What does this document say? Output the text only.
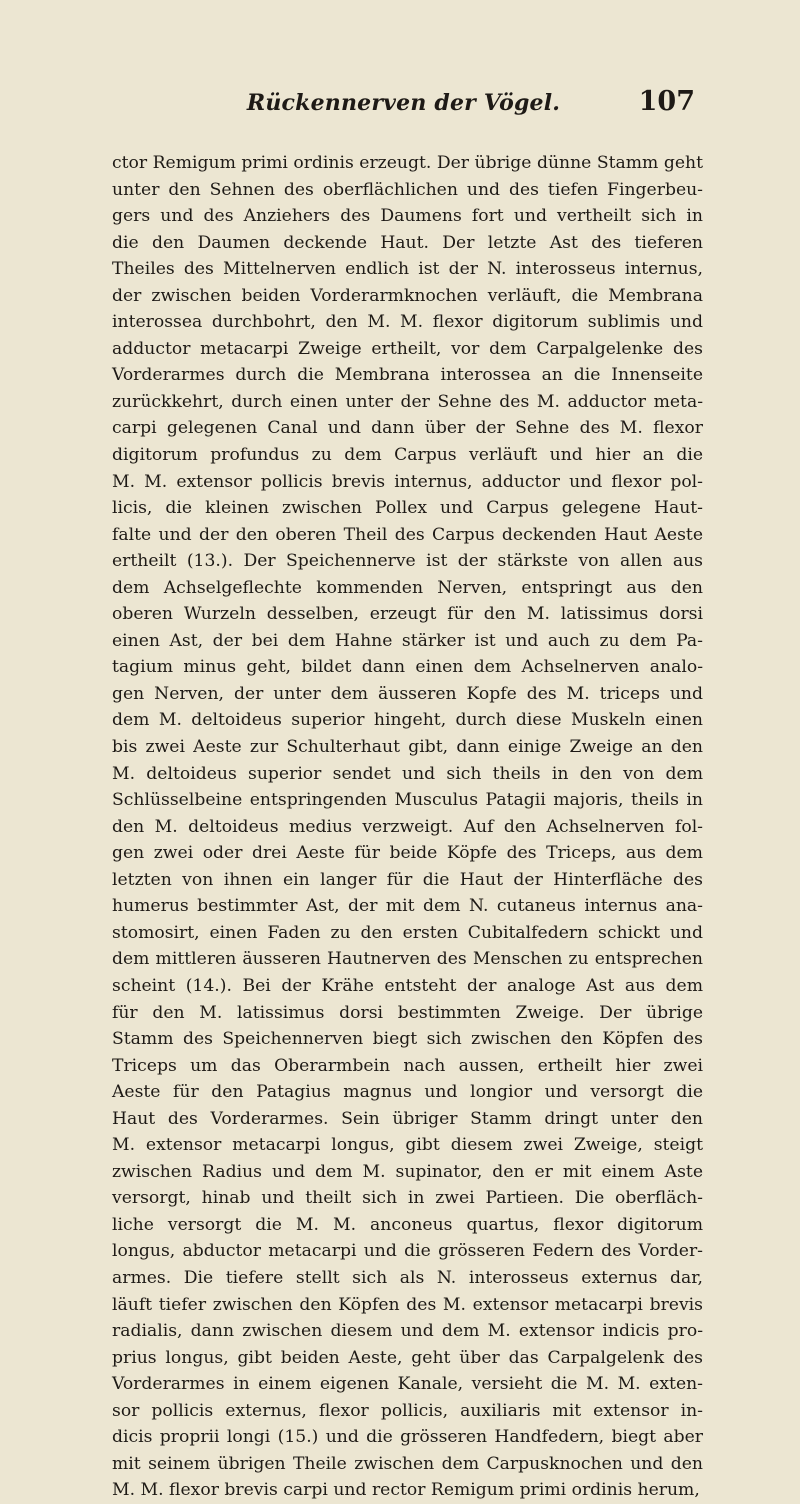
Rückennerven der Vögel.	107
ctor Remigum primi ordinis erzeugt. Der übrige dünne Stamm geht
unter den Sehnen des oberflächlichen und des tiefen Fingerbeu-
gers und des Anziehers des Daumens fort und vertheilt sich in
die den Daumen deckende Haut. Der letzte Ast des tieferen
Theiles des Mittelnerven endlich ist der N. interosseus internus,
der zwischen beiden Vorderarmknochen verläuft, die Membrana
interossea durchbohrt, den M. M. flexor digitorum sublimis und
adductor metacarpi Zweige ertheilt, vor dem Carpalgelenke des
Vorderarmes durch die Membrana interossea an die Innenseite
zurückkehrt, durch einen unter der Sehne des M. adductor meta-
carpi gelegenen Canal und dann über der Sehne des M. flexor
digitorum profundus zu dem Carpus verläuft und hier an die
M. M. extensor pollicis brevis internus, adductor und flexor pol-
licis, die kleinen zwischen Pollex und Carpus gelegene Haut-
falte und der den oberen Theil des Carpus deckenden Haut Aeste
ertheilt (13.). Der Speichennerve ist der stärkste von allen aus
dem Achselgeflechte kommenden Nerven, entspringt aus den
oberen Wurzeln desselben, erzeugt für den M. latissimus dorsi
einen Ast, der bei dem Hahne stärker ist und auch zu dem Pa-
tagium minus geht, bildet dann einen dem Achselnerven analo-
gen Nerven, der unter dem äusseren Kopfe des M. triceps und
dem M. deltoideus superior hingeht, durch diese Muskeln einen
bis zwei Aeste zur Schulterhaut gibt, dann einige Zweige an den
M. deltoideus superior sendet und sich theils in den von dem
Schlüsselbeine entspringenden Musculus Patagii majoris, theils in
den M. deltoideus medius verzweigt. Auf den Achselnerven fol-
gen zwei oder drei Aeste für beide Köpfe des Triceps, aus dem
letzten von ihnen ein langer für die Haut der Hinterfläche des
humerus bestimmter Ast, der mit dem N. cutaneus internus ana-
stomosirt, einen Faden zu den ersten Cubitalfedern schickt und
dem mittleren äusseren Hautnerven des Menschen zu entsprechen
scheint (14.). Bei der Krähe entsteht der analoge Ast aus dem
für den M. latissimus dorsi bestimmten Zweige. Der übrige
Stamm des Speichennerven biegt sich zwischen den Köpfen des
Triceps um das Oberarmbein nach aussen, ertheilt hier zwei
Aeste für den Patagius magnus und longior und versorgt die
Haut des Vorderarmes. Sein übriger Stamm dringt unter den
M. extensor metacarpi longus, gibt diesem zwei Zweige, steigt
zwischen Radius und dem M. supinator, den er mit einem Aste
versorgt, hinab und theilt sich in zwei Partieen. Die oberfläch-
liche versorgt die M. M. anconeus quartus, flexor digitorum
longus, abductor metacarpi und die grösseren Federn des Vorder-
armes. Die tiefere stellt sich als N. interosseus externus dar,
läuft tiefer zwischen den Köpfen des M. extensor metacarpi brevis
radialis, dann zwischen diesem und dem M. extensor indicis pro-
prius longus, gibt beiden Aeste, geht über das Carpalgelenk des
Vorderarmes in einem eigenen Kanale, versieht die M. M. exten-
sor pollicis externus, flexor pollicis, auxiliaris mit extensor in-
dicis proprii longi (15.) und die grösseren Handfedern, biegt aber
mit seinem übrigen Theile zwischen dem Carpusknochen und den
M. M. flexor brevis carpi und rector Remigum primi ordinis herum,
